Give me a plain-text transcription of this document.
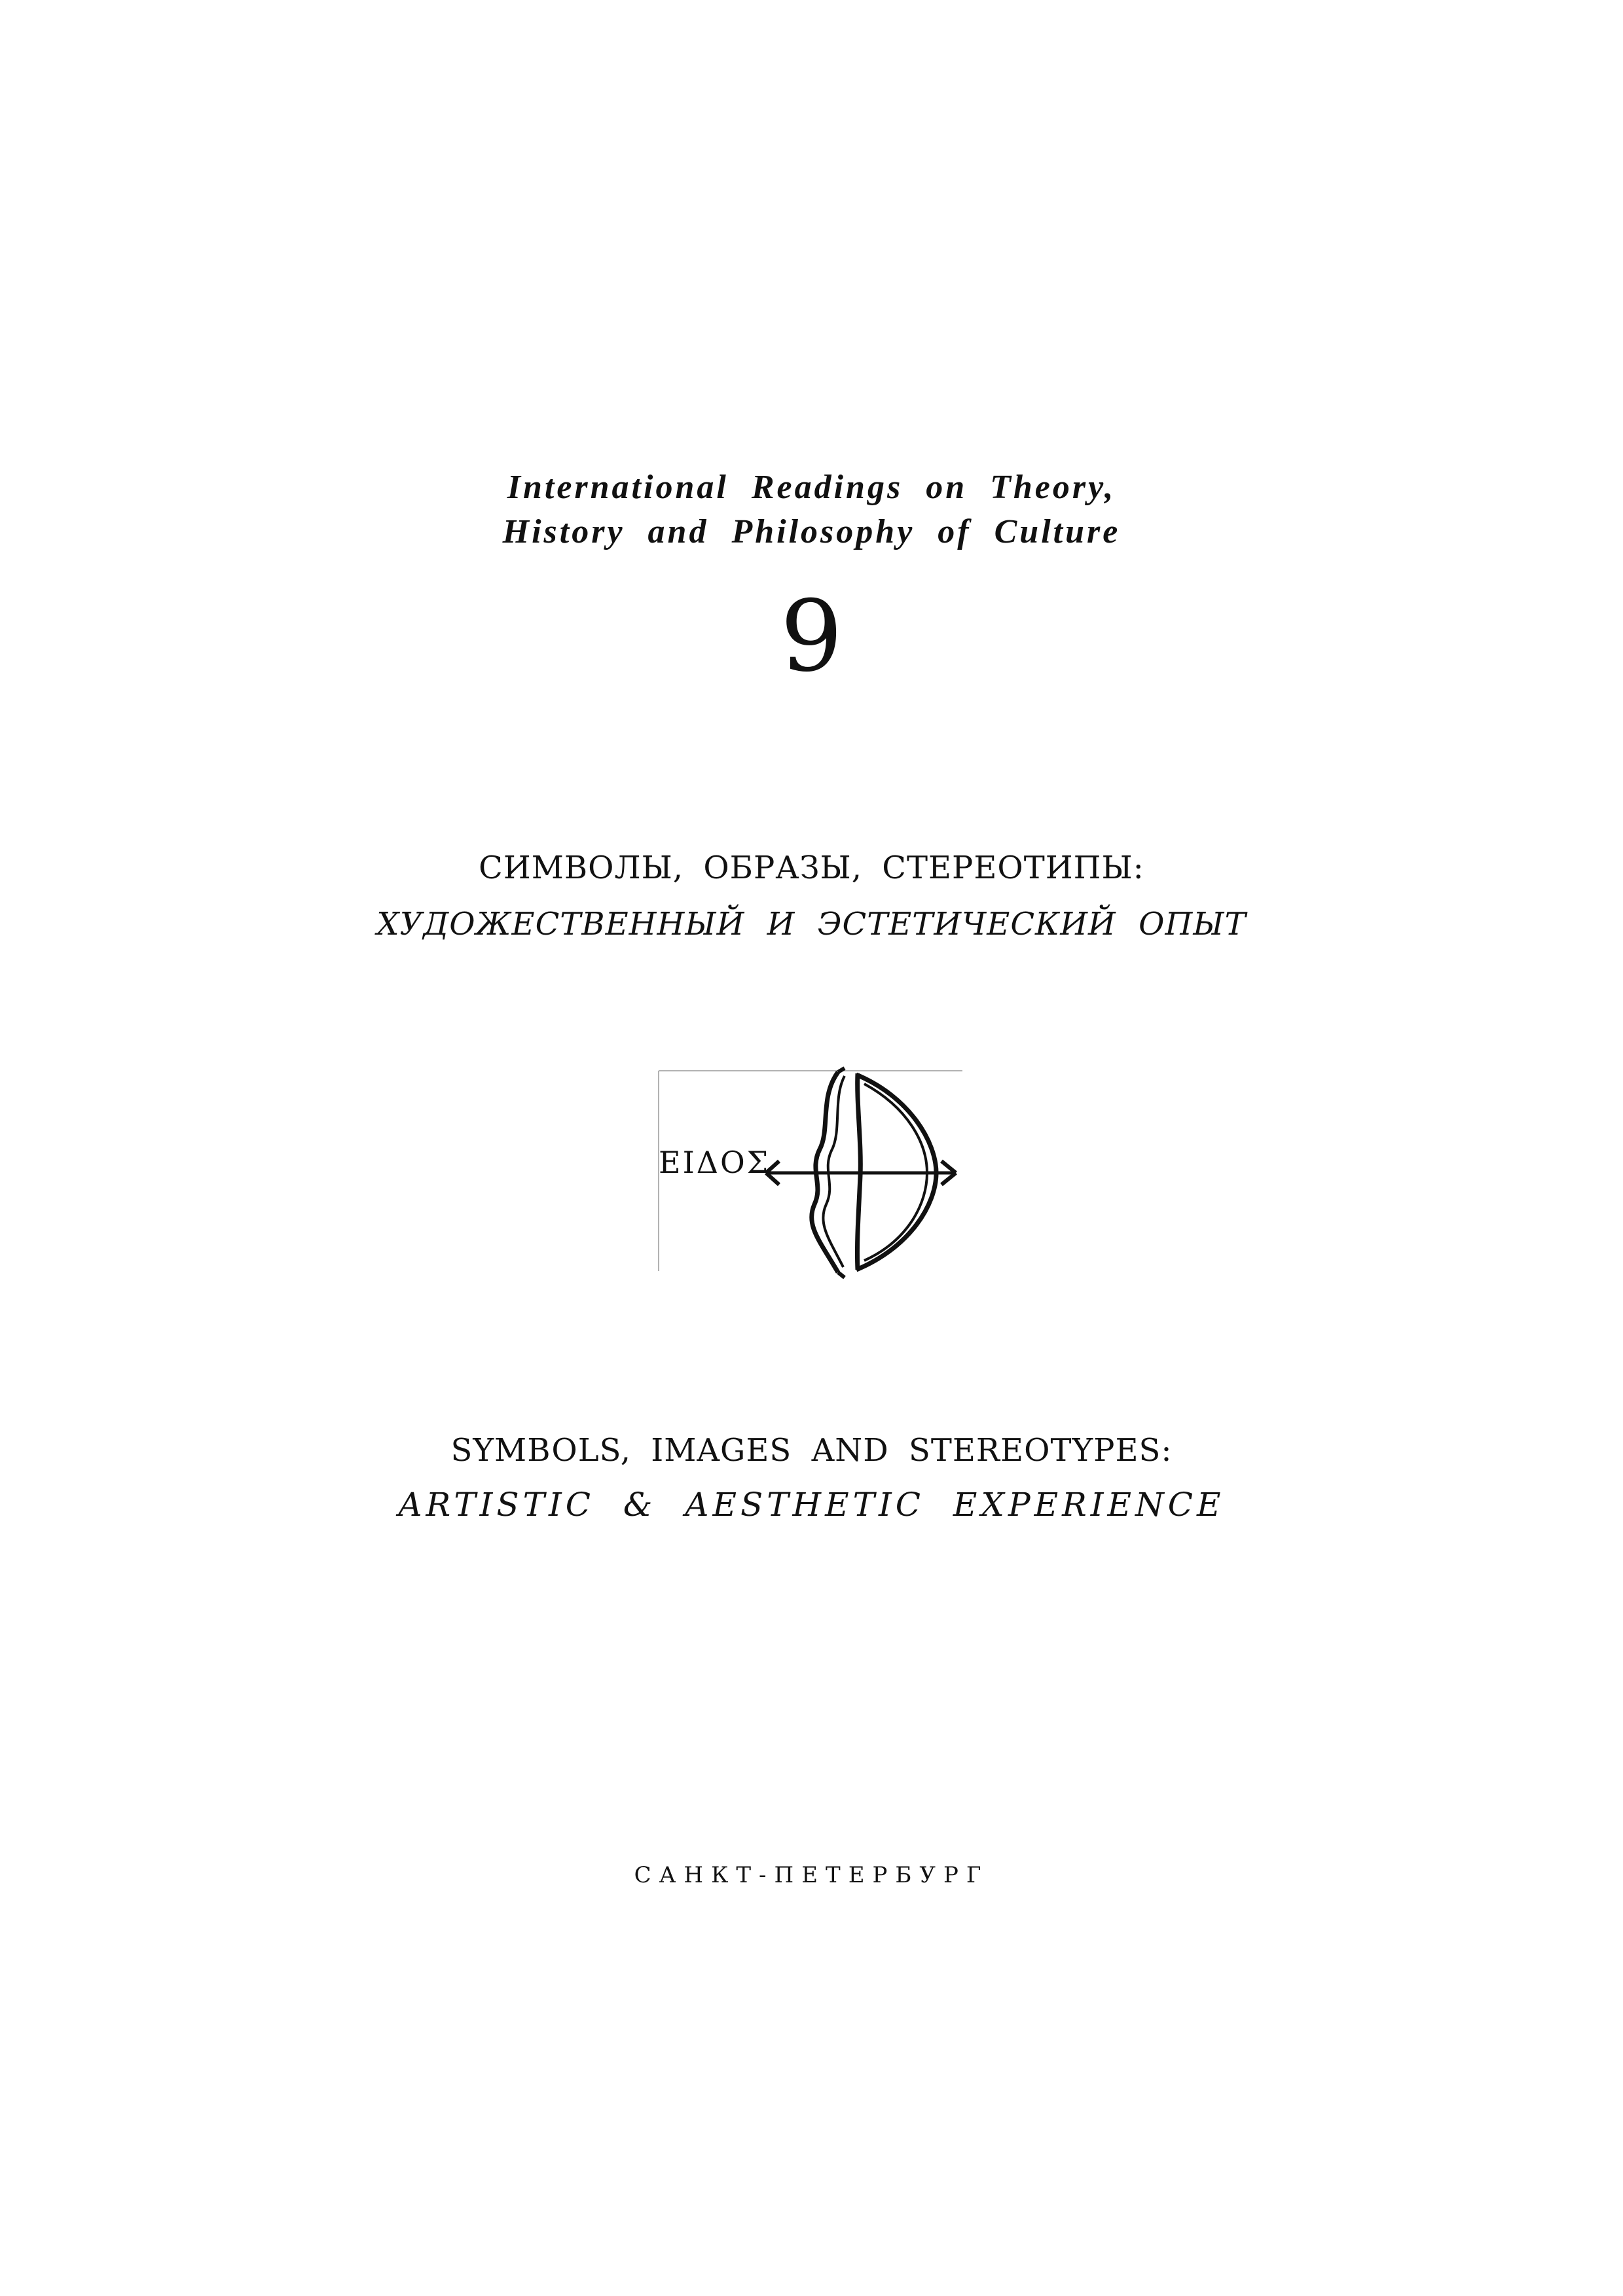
International Readings on Theory,
History and Philosophy of Culture
9
СИМВОЛЫ, ОБРАЗЫ, СТЕРЕОТИПЫ:
ХУДОЖЕСТВЕННЫЙ И ЭСТЕТИЧЕСКИЙ ОПЫТ
ΕΙΔΟΣ
SYMBOLS, IMAGES AND STEREOTYPES:
ARTISTIC & AESTHETIC EXPERIENCE
САНКТ-ПЕТЕРБУРГ
